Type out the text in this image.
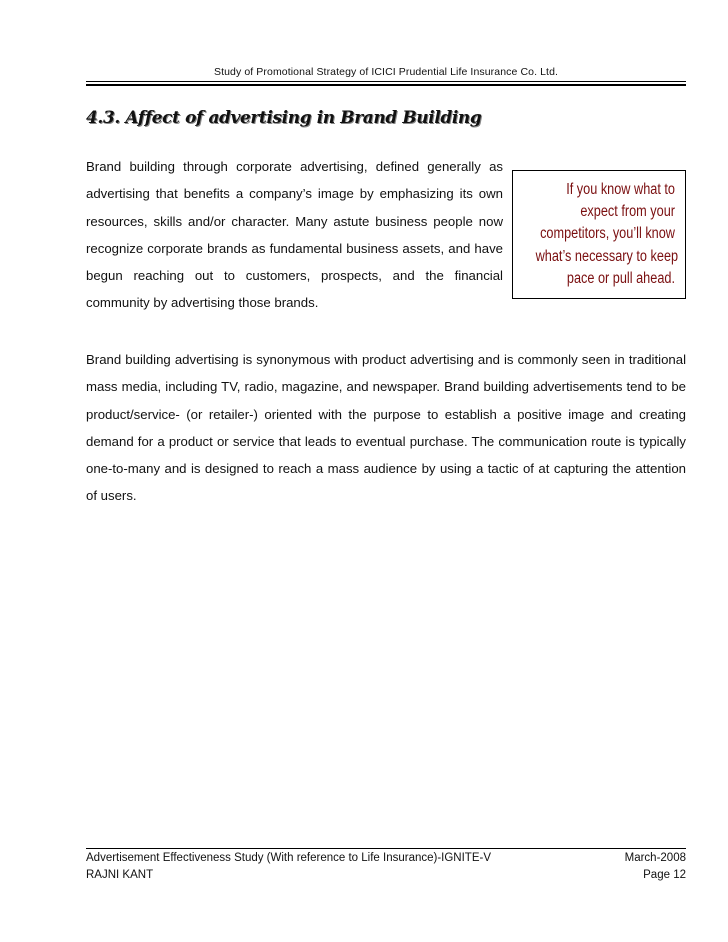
Study of Promotional Strategy of ICICI Prudential Life Insurance Co. Ltd.
4.3. Affect of advertising in Brand Building
Brand building through corporate advertising, defined generally as advertising that benefits a company’s image by emphasizing its own resources, skills and/or character. Many astute business people now recognize corporate brands as fundamental business assets, and have begun reaching out to customers, prospects, and the financial community by advertising those brands.
If you know what to
expect from your
competitors, you’ll know
what’s necessary to keep
pace or pull ahead.
Brand building advertising is synonymous with product advertising and is commonly seen in traditional mass media, including TV, radio, magazine, and newspaper. Brand building advertisements tend to be product/service- (or retailer-) oriented with the purpose to establish a positive image and creating demand for a product or service that leads to eventual purchase. The communication route is typically one-to-many and is designed to reach a mass audience by using a tactic of at capturing the attention of users.
Advertisement Effectiveness Study (With reference to Life Insurance)-IGNITE-V	March-2008
RAJNI KANT	Page 12
